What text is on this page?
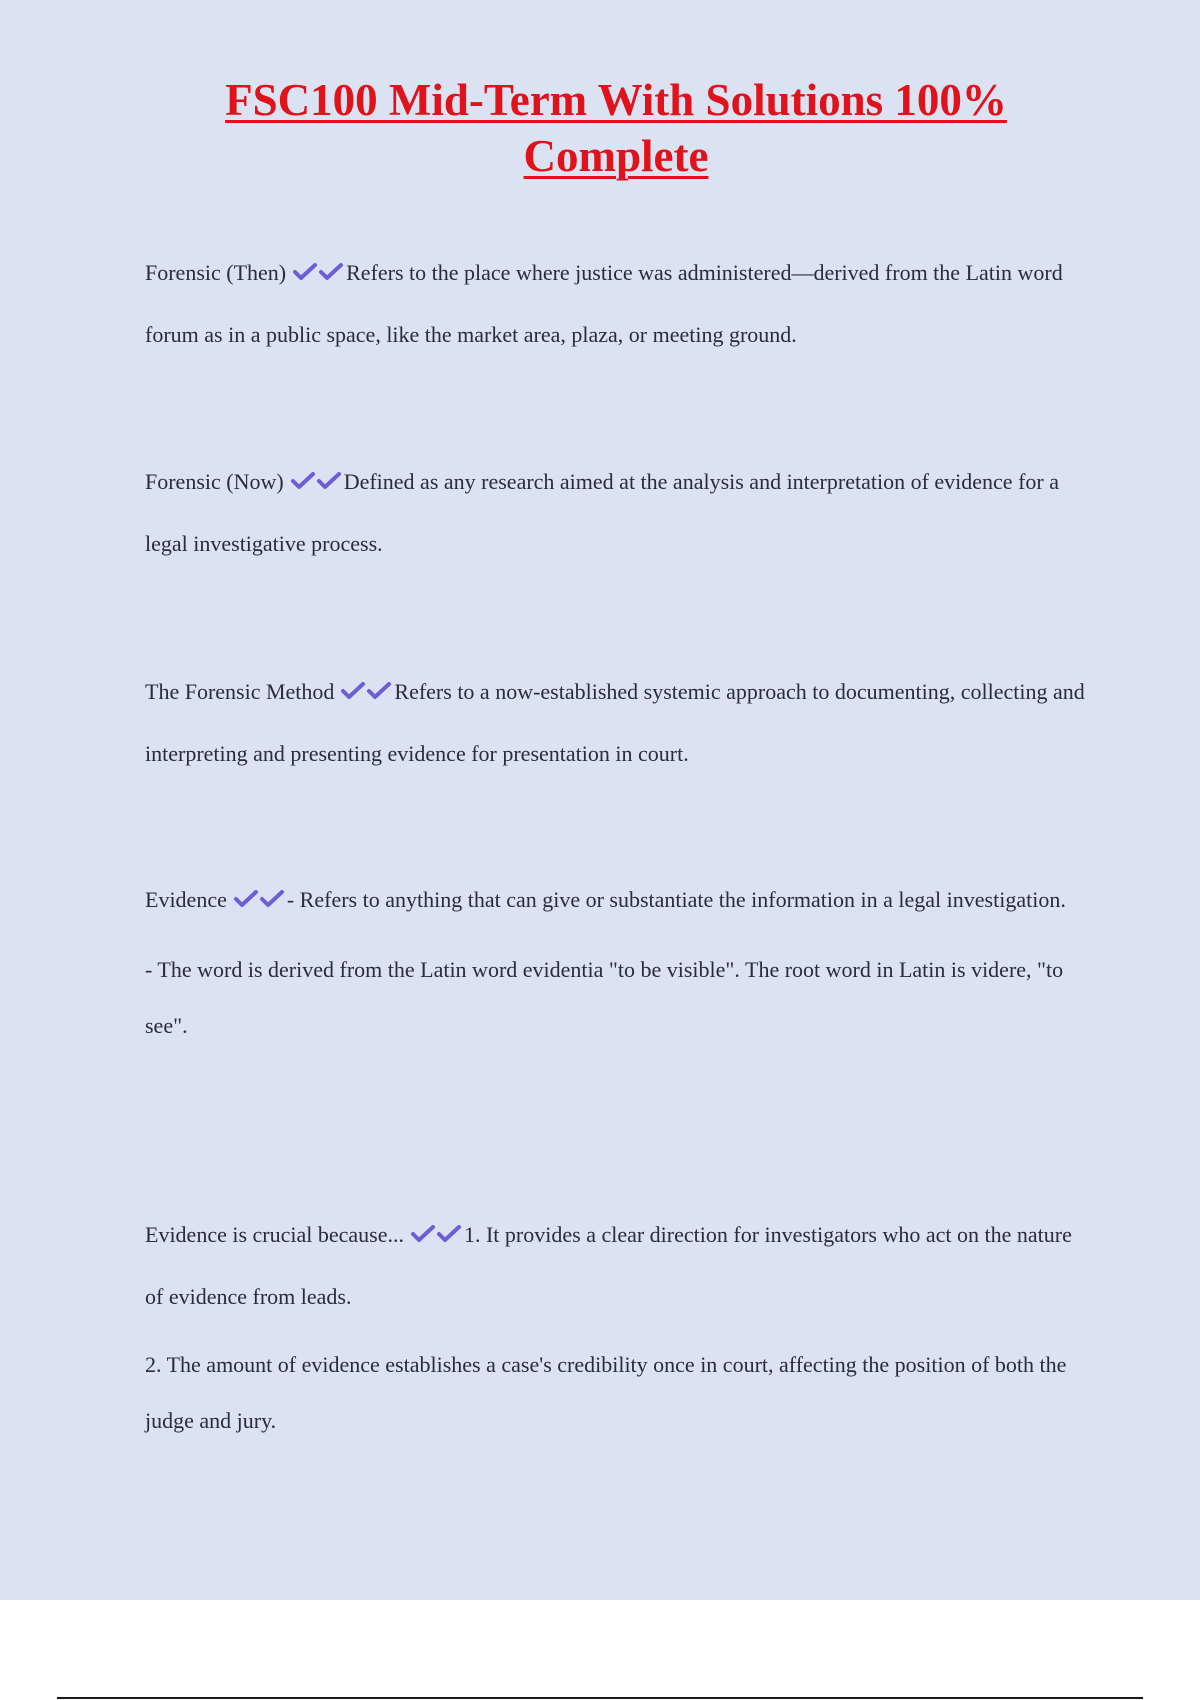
FSC100 Mid-Term With Solutions 100%
Complete

Forensic (Then)	Refers to the place where justice was administered—derived from the Latin word forum as in a public space, like the market area, plaza, or meeting ground.

Forensic (Now)	Defined as any research aimed at the analysis and interpretation of evidence for a legal investigative process.

The Forensic Method	Refers to a now-established systemic approach to documenting, collecting and interpreting and presenting evidence for presentation in court.

Evidence	- Refers to anything that can give or substantiate the information in a legal investigation.

- The word is derived from the Latin word evidentia "to be visible". The root word in Latin is videre, "to see".

Evidence is crucial because...	1. It provides a clear direction for investigators who act on the nature of evidence from leads.

2. The amount of evidence establishes a case's credibility once in court, affecting the position of both the judge and jury.
